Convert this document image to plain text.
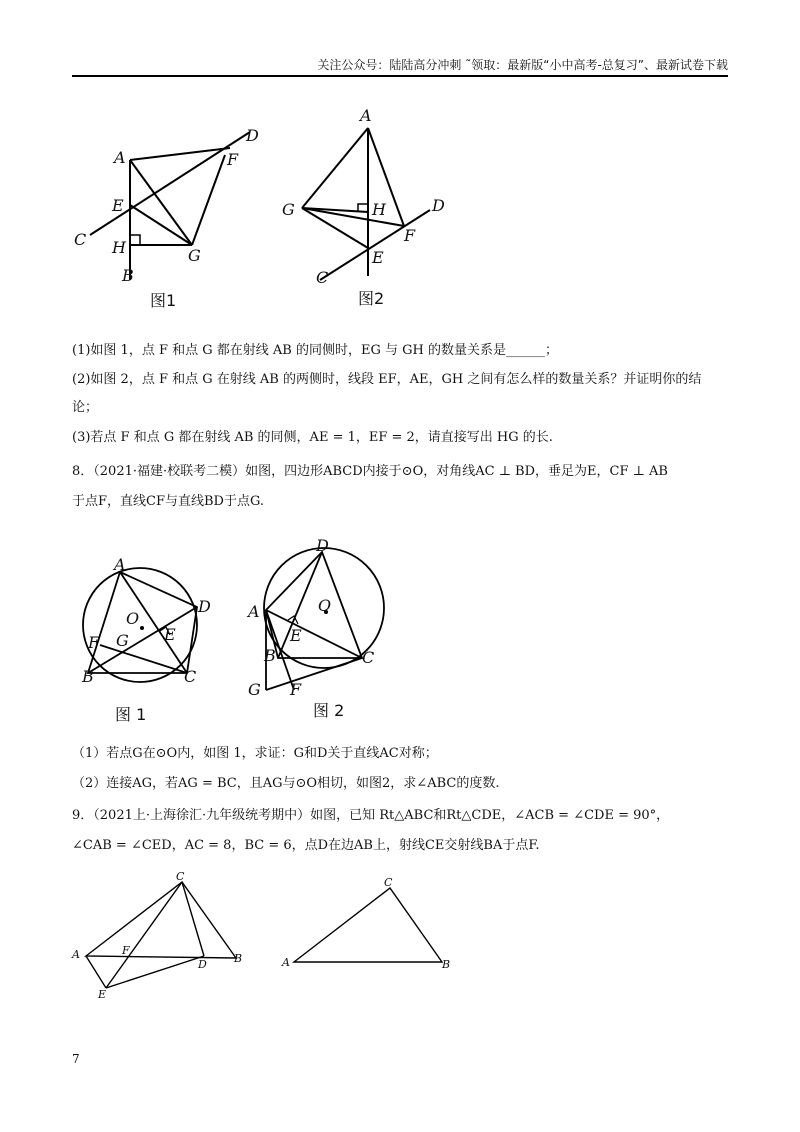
关注公众号：陆陆高分冲刺 ˜领取：最新版“小中高考-总复习”、最新试卷下载
A
D
F
E
C H	G
B
图1
A
G	H	D
F
E
C
图2
(1)如图 1，点 F 和点 G 都在射线 AB 的同侧时，EG 与 GH 的数量关系是______；
(2)如图 2，点 F 和点 G 在射线 AB 的两侧时，线段 EF，AE，GH 之间有怎么样的数量关系？并证明你的结
论；
(3)若点 F 和点 G 都在射线 AB 的同侧，AE = 1，EF = 2，请直接写出 HG 的长.
8．（2021·福建·校联考二模）如图，四边形ABCD内接于⊙O，对角线AC ⊥ BD，垂足为E，CF ⊥ AB
于点F，直线CF与直线BD于点G.
A
D
O
E
F G
B	C
图 1
D
A	O
E
B	C
G F
图 2
（1）若点G在⊙O内，如图 1，求证：G和D关于直线AC对称；
（2）连接AG，若AG = BC，且AG与⊙O相切，如图2，求∠ABC的度数.
9．（2021上·上海徐汇·九年级统考期中）如图，已知 Rt△ABC和Rt△CDE，∠ACB = ∠CDE = 90°，
∠CAB = ∠CED，AC = 8，BC = 6，点D在边AB上，射线CE交射线BA于点F.
C
A	F
D B
E
C
A	B
7
